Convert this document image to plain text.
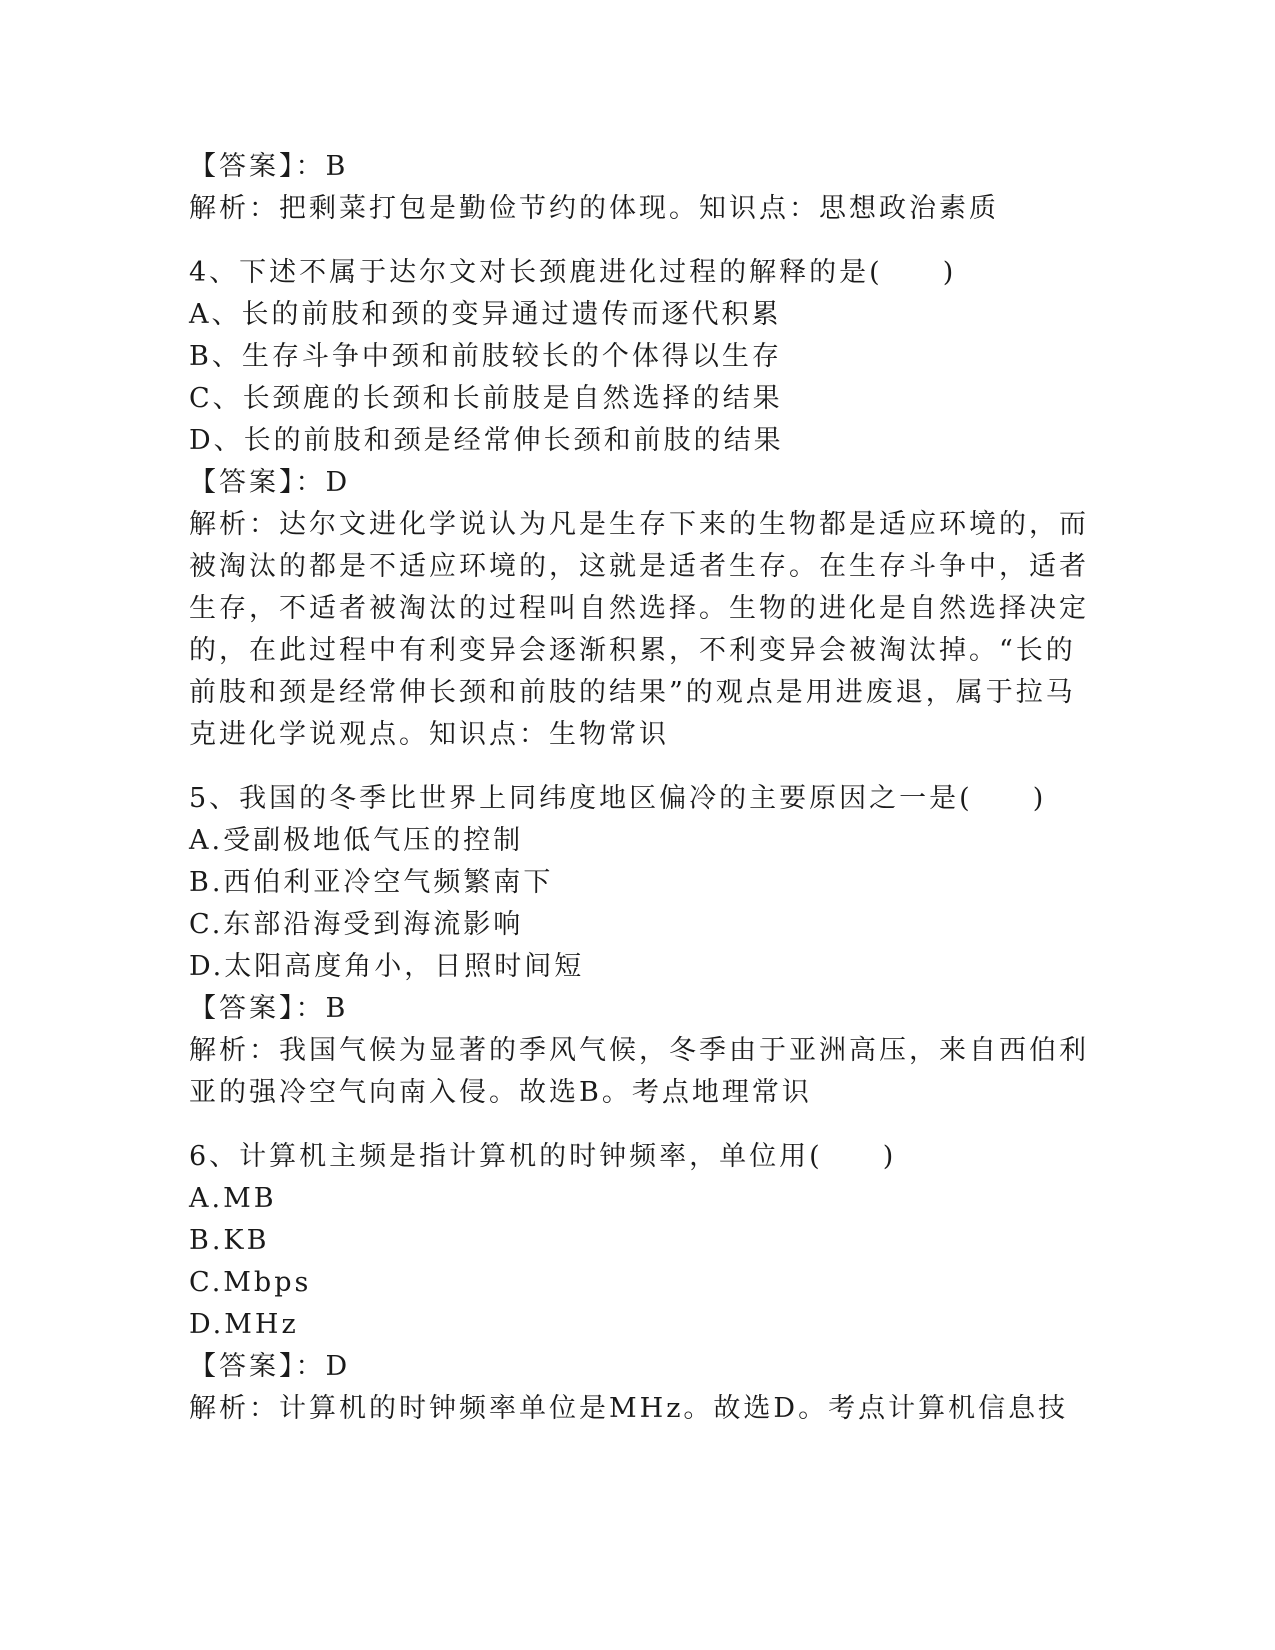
【答案】：B
解析：把剩菜打包是勤俭节约的体现。知识点：思想政治素质
4、下述不属于达尔文对长颈鹿进化过程的解释的是(　　)
A、长的前肢和颈的变异通过遗传而逐代积累
B、生存斗争中颈和前肢较长的个体得以生存
C、长颈鹿的长颈和长前肢是自然选择的结果
D、长的前肢和颈是经常伸长颈和前肢的结果
【答案】：D
解析：达尔文进化学说认为凡是生存下来的生物都是适应环境的，而
被淘汰的都是不适应环境的，这就是适者生存。在生存斗争中，适者
生存，不适者被淘汰的过程叫自然选择。生物的进化是自然选择决定
的，在此过程中有利变异会逐渐积累，不利变异会被淘汰掉。“长的
前肢和颈是经常伸长颈和前肢的结果”的观点是用进废退，属于拉马
克进化学说观点。知识点：生物常识
5、我国的冬季比世界上同纬度地区偏冷的主要原因之一是(　　)
A.受副极地低气压的控制
B.西伯利亚冷空气频繁南下
C.东部沿海受到海流影响
D.太阳高度角小，日照时间短
【答案】：B
解析：我国气候为显著的季风气候，冬季由于亚洲高压，来自西伯利
亚的强冷空气向南入侵。故选B。考点地理常识
6、计算机主频是指计算机的时钟频率，单位用(　　)
A.MB
B.KB
C.Mbps
D.MHz
【答案】：D
解析：计算机的时钟频率单位是MHz。故选D。考点计算机信息技
